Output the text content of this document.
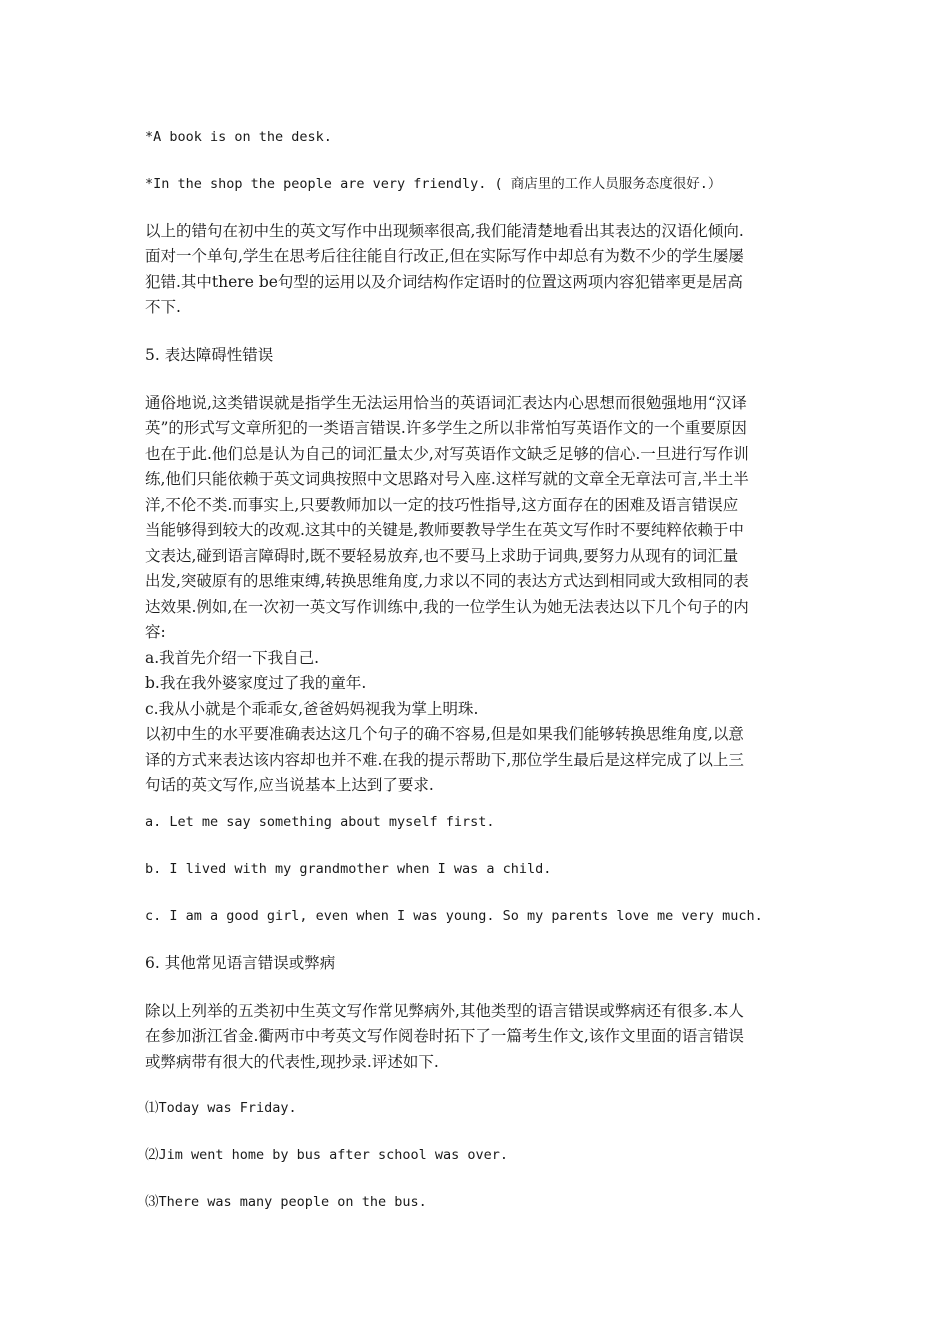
*A book is on the desk.
*In the shop the people are very friendly. ( 商店里的工作人员服务态度很好.）
以上的错句在初中生的英文写作中出现频率很高,我们能清楚地看出其表达的汉语化倾向.
面对一个单句,学生在思考后往往能自行改正,但在实际写作中却总有为数不少的学生屡屡
犯错.其中there be句型的运用以及介词结构作定语时的位置这两项内容犯错率更是居高
不下.
5. 表达障碍性错误
通俗地说,这类错误就是指学生无法运用恰当的英语词汇表达内心思想而很勉强地用“汉译
英”的形式写文章所犯的一类语言错误.许多学生之所以非常怕写英语作文的一个重要原因
也在于此.他们总是认为自己的词汇量太少,对写英语作文缺乏足够的信心.一旦进行写作训
练,他们只能依赖于英文词典按照中文思路对号入座.这样写就的文章全无章法可言,半土半
洋,不伦不类.而事实上,只要教师加以一定的技巧性指导,这方面存在的困难及语言错误应
当能够得到较大的改观.这其中的关键是,教师要教导学生在英文写作时不要纯粹依赖于中
文表达,碰到语言障碍时,既不要轻易放弃,也不要马上求助于词典,要努力从现有的词汇量
出发,突破原有的思维束缚,转换思维角度,力求以不同的表达方式达到相同或大致相同的表
达效果.例如,在一次初一英文写作训练中,我的一位学生认为她无法表达以下几个句子的内
容:
a.我首先介绍一下我自己.
b.我在我外婆家度过了我的童年.
c.我从小就是个乖乖女,爸爸妈妈视我为掌上明珠.
以初中生的水平要准确表达这几个句子的确不容易,但是如果我们能够转换思维角度,以意
译的方式来表达该内容却也并不难.在我的提示帮助下,那位学生最后是这样完成了以上三
句话的英文写作,应当说基本上达到了要求.
a. Let me say something about myself first.
b. I lived with my grandmother when I was a child.
c. I am a good girl, even when I was young. So my parents love me very much.
6. 其他常见语言错误或弊病
除以上列举的五类初中生英文写作常见弊病外,其他类型的语言错误或弊病还有很多.本人
在参加浙江省金.衢两市中考英文写作阅卷时拓下了一篇考生作文,该作文里面的语言错误
或弊病带有很大的代表性,现抄录.评述如下.
⑴Today was Friday.
⑵Jim went home by bus after school was over.
⑶There was many people on the bus.
